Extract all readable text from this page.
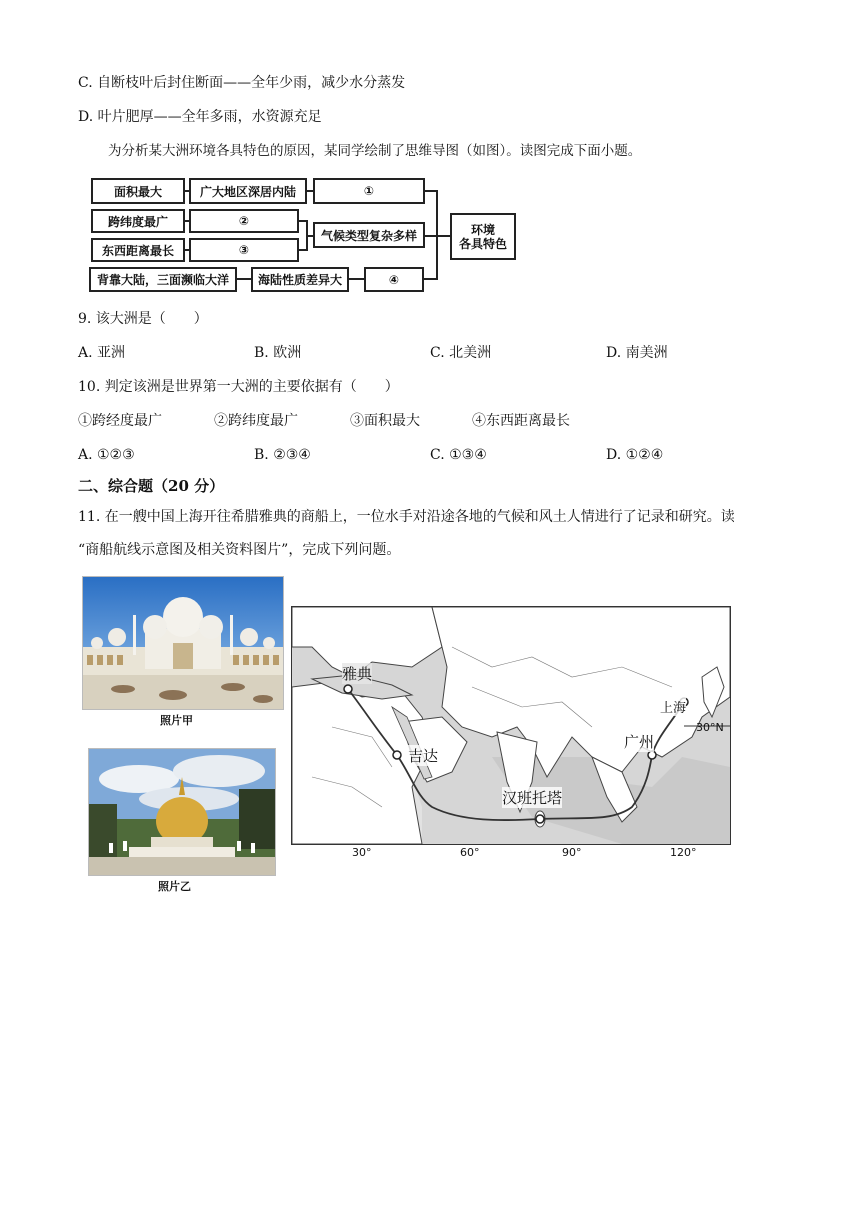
C. 自断枝叶后封住断面——全年少雨，减少水分蒸发
D. 叶片肥厚——全年多雨，水资源充足
为分析某大洲环境各具特色的原因，某同学绘制了思维导图（如图）。读图完成下面小题。
面积最大	广大地区深居内陆	①
跨纬度最广	②
东西距离最长	③
气候类型复杂多样	环境
各具特色
背靠大陆，三面濒临大洋	海陆性质差异大	④
9. 该大洲是（　　）
A. 亚洲	B. 欧洲	C. 北美洲	D. 南美洲
10. 判定该洲是世界第一大洲的主要依据有（　　）
①跨经度最广	②跨纬度最广	③面积最大	④东西距离最长
A. ①②③	B. ②③④	C. ①③④	D. ①②④
二、综合题（20 分）
11. 在一艘中国上海开往希腊雅典的商船上，一位水手对沿途各地的气候和风土人情进行了记录和研究。读
“商船航线示意图及相关资料图片”，完成下列问题。
照片甲
照片乙
雅典
吉达
汉班托塔
广州
上海
30°N
30°	60°	90°	120°
